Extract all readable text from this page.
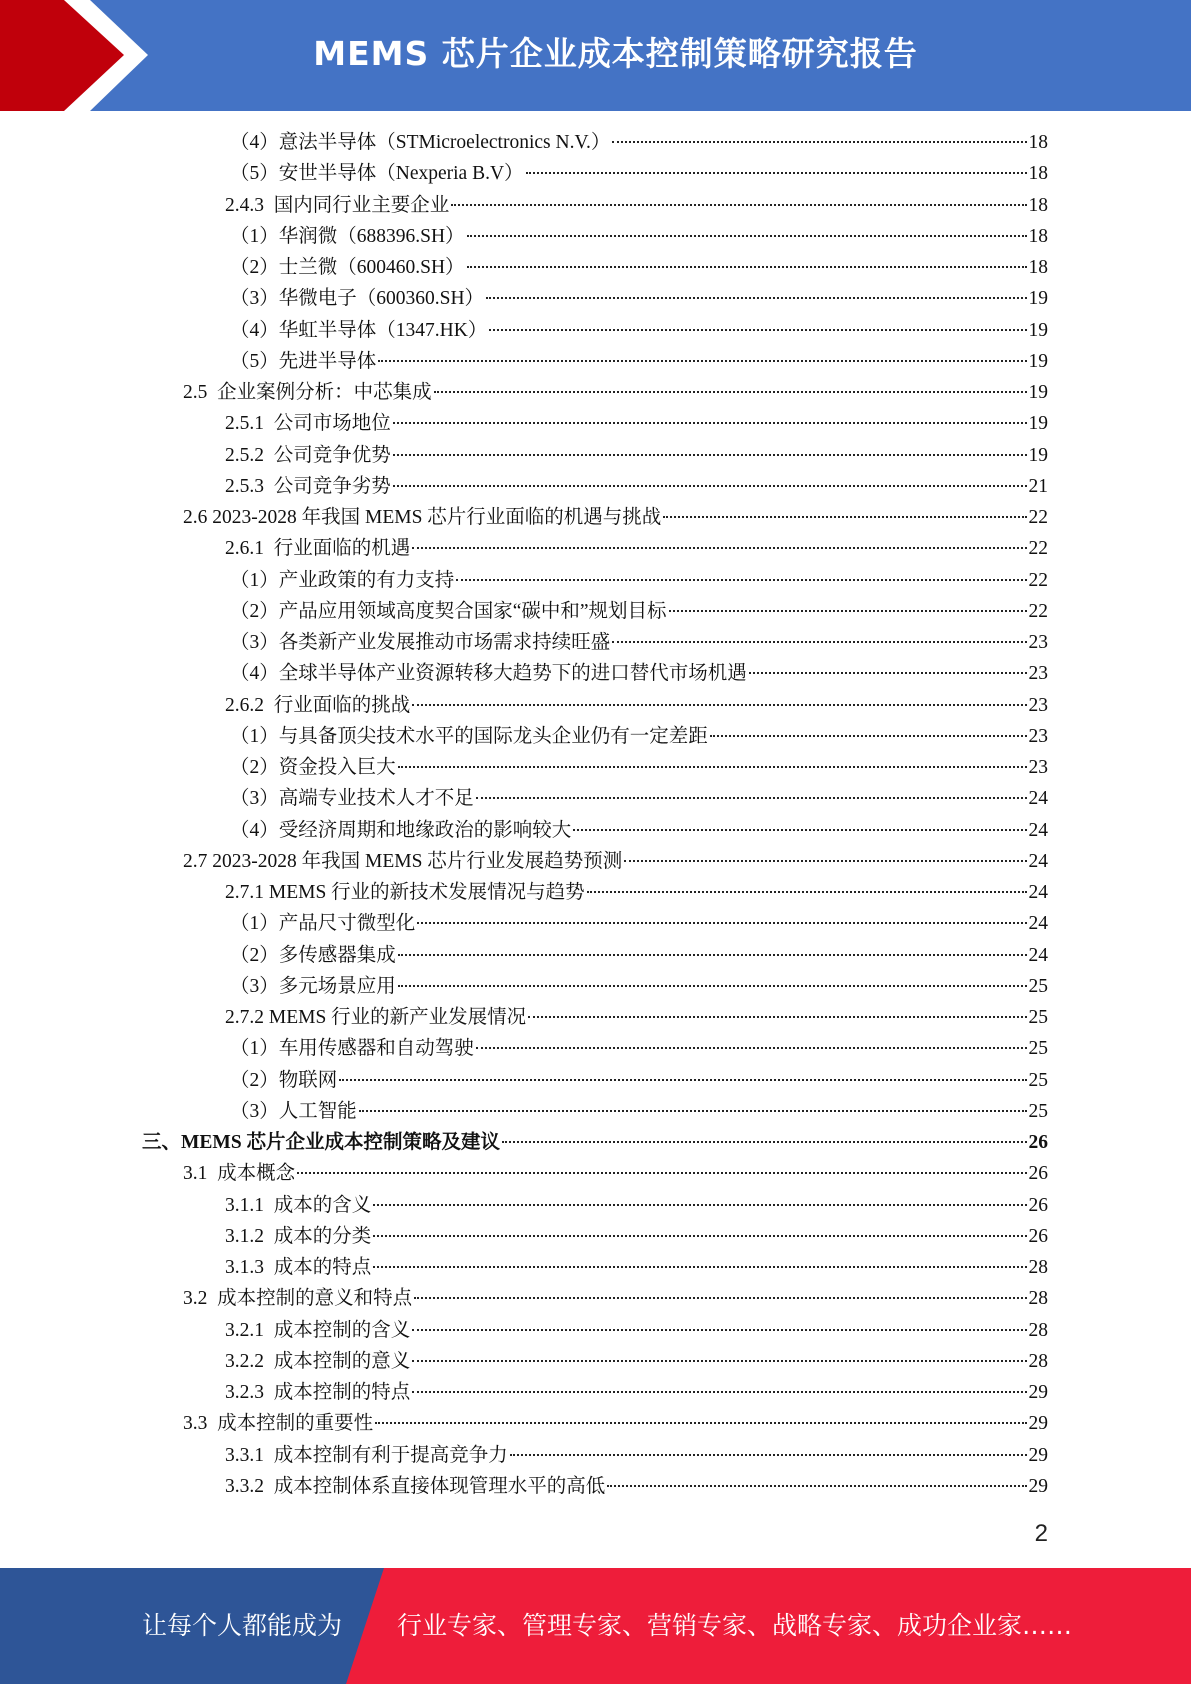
MEMS 芯片企业成本控制策略研究报告
（4）意法半导体（STMicroelectronics N.V.）	18
（5）安世半导体（Nexperia B.V）	18
2.4.3  国内同行业主要企业	18
（1）华润微（688396.SH）	18
（2）士兰微（600460.SH）	18
（3）华微电子（600360.SH）	19
（4）华虹半导体（1347.HK）	19
（5）先进半导体	19
2.5  企业案例分析：中芯集成	19
2.5.1  公司市场地位	19
2.5.2  公司竞争优势	19
2.5.3  公司竞争劣势	21
2.6 2023-2028 年我国 MEMS 芯片行业面临的机遇与挑战	22
2.6.1  行业面临的机遇	22
（1）产业政策的有力支持	22
（2）产品应用领域高度契合国家“碳中和”规划目标	22
（3）各类新产业发展推动市场需求持续旺盛	23
（4）全球半导体产业资源转移大趋势下的进口替代市场机遇	23
2.6.2  行业面临的挑战	23
（1）与具备顶尖技术水平的国际龙头企业仍有一定差距	23
（2）资金投入巨大	23
（3）高端专业技术人才不足	24
（4）受经济周期和地缘政治的影响较大	24
2.7 2023-2028 年我国 MEMS 芯片行业发展趋势预测	24
2.7.1 MEMS 行业的新技术发展情况与趋势	24
（1）产品尺寸微型化	24
（2）多传感器集成	24
（3）多元场景应用	25
2.7.2 MEMS 行业的新产业发展情况	25
（1）车用传感器和自动驾驶	25
（2）物联网	25
（3）人工智能	25
三、MEMS 芯片企业成本控制策略及建议	26
3.1  成本概念	26
3.1.1  成本的含义	26
3.1.2  成本的分类	26
3.1.3  成本的特点	28
3.2  成本控制的意义和特点	28
3.2.1  成本控制的含义	28
3.2.2  成本控制的意义	28
3.2.3  成本控制的特点	29
3.3  成本控制的重要性	29
3.3.1  成本控制有利于提高竞争力	29
3.3.2  成本控制体系直接体现管理水平的高低	29
2
让每个人都能成为 行业专家、管理专家、营销专家、战略专家、成功企业家……
